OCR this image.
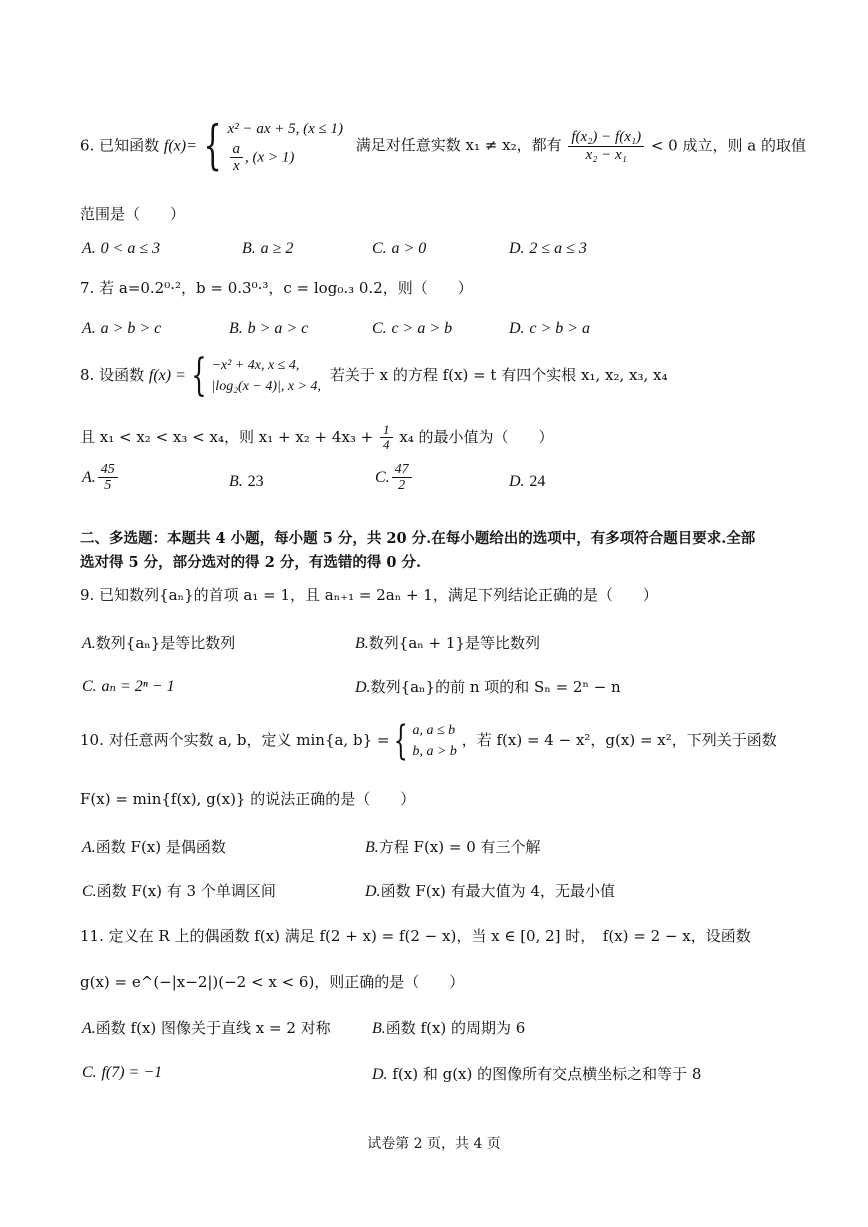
6. 已知函数 f(x)= { x² − ax + 5, (x ≤ 1)
$\frac{a}{x}$ , (x > 1)
满足对任意实数 x₁ ≠ x₂，都有 $\frac{\text{f(x₂) − f(x₁)}}{\text{x₂ − x₁}} < 0$ 成立，则 a 的取值
范围是（　　）
A. 0 < a ≤ 3	B. a ≥ 2	C. a > 0	D. 2 ≤ a ≤ 3
7. 若 a=0.2⁰·²，b = 0.3⁰·³，c = log₀.₃ 0.2，则（　　）
A. a > b > c	B. b > a > c	C. c > a > b	D. c > b > a
8. 设函数 f(x) = { −x² + 4x, x ≤ 4,
|log₂(x − 4)|, x > 4,
若关于 x 的方程 f(x) = t 有四个实根 x₁, x₂, x₃, x₄
且 x₁ < x₂ < x₃ < x₄，则 $x_1 + x_2 + 4x_3 + \frac{1}{4} x_4$ 的最小值为（　　）
A. $\frac{45}{5}$	B. 23	C. $\frac{47}{2}$	D. 24
二、多选题：本题共 4 小题，每小题 5 分，共 20 分.在每小题给出的选项中，有多项符合题目要求.全部
选对得 5 分，部分选对的得 2 分，有选错的得 0 分.
9. 已知数列{aₙ}的首项 a₁ = 1，且 aₙ₊₁ = 2aₙ + 1，满足下列结论正确的是（　　）
A.数列{aₙ}是等比数列	B.数列{aₙ + 1}是等比数列
C. aₙ = 2ⁿ − 1	D.数列{aₙ}的前 n 项的和 Sₙ = 2ⁿ − n
10. 对任意两个实数 a, b，定义 min{a, b} = { a, a ≤ b
b, a > b
，若 f(x) = 4 − x²，g(x) = x²，下列关于函数
F(x) = min{f(x), g(x)} 的说法正确的是（　　）
A.函数 F(x) 是偶函数	B.方程 F(x) = 0 有三个解
C.函数 F(x) 有 3 个单调区间	D.函数 F(x) 有最大值为 4，无最小值
11. 定义在 R 上的偶函数 f(x) 满足 f(2 + x) = f(2 − x)，当 x ∈ [0, 2] 时，　f(x) = 2 − x，设函数
g(x) = e^(−|x−2|)(−2 < x < 6)，则正确的是（　　）
A.函数 f(x) 图像关于直线 x = 2 对称	B.函数 f(x) 的周期为 6
C. f(7) = −1	D. f(x) 和 g(x) 的图像所有交点横坐标之和等于 8
试卷第 2 页，共 4 页
